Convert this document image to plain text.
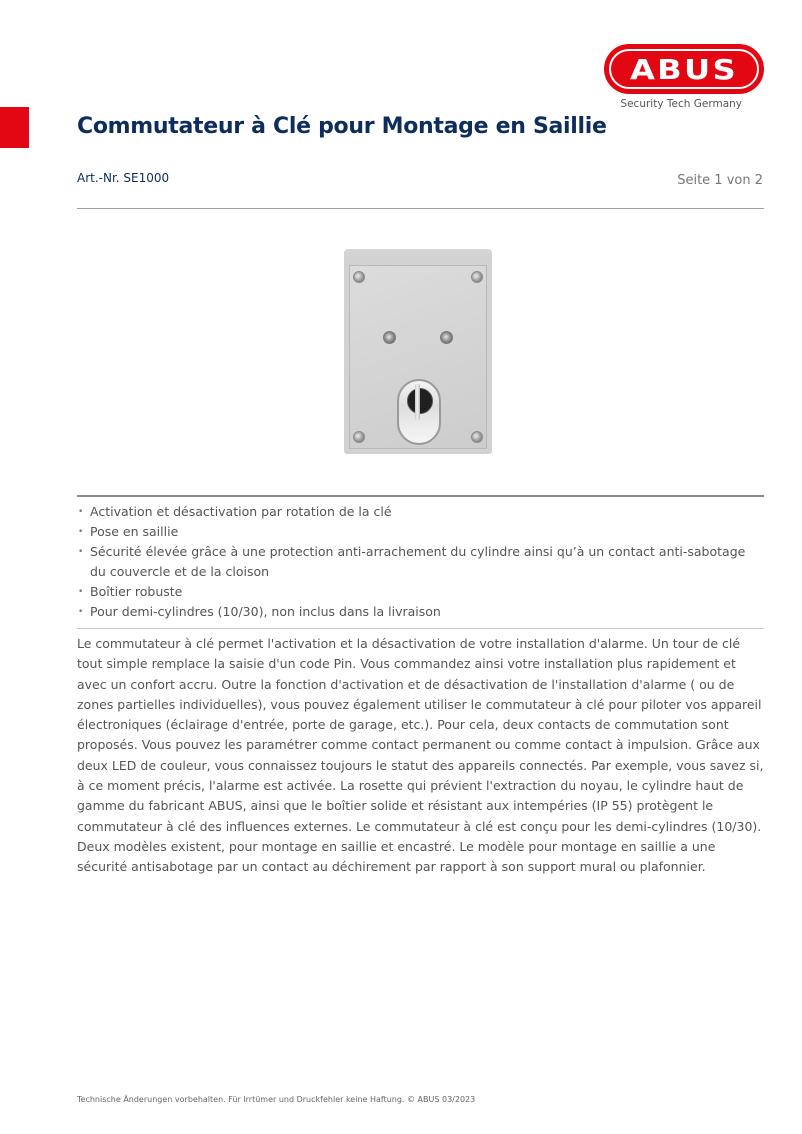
ABUS
Security Tech Germany
Commutateur à Clé pour Montage en Saillie
Art.-Nr. SE1000	Seite 1 von 2
• Activation et désactivation par rotation de la clé
• Pose en saillie
• Sécurité élevée grâce à une protection anti-arrachement du cylindre ainsi qu’à un contact anti-sabotage du couvercle et de la cloison
• Boîtier robuste
• Pour demi-cylindres (10/30), non inclus dans la livraison

Le commutateur à clé permet l'activation et la désactivation de votre installation d'alarme. Un tour de clé tout simple remplace la saisie d'un code Pin. Vous commandez ainsi votre installation plus rapidement et avec un confort accru. Outre la fonction d'activation et de désactivation de l'installation d'alarme ( ou de zones partielles individuelles), vous pouvez également utiliser le commutateur à clé pour piloter vos appareil électroniques (éclairage d'entrée, porte de garage, etc.). Pour cela, deux contacts de commutation sont proposés. Vous pouvez les paramétrer comme contact permanent ou comme contact à impulsion. Grâce aux deux LED de couleur, vous connaissez toujours le statut des appareils connectés. Par exemple, vous savez si, à ce moment précis, l'alarme est activée. La rosette qui prévient l'extraction du noyau, le cylindre haut de gamme du fabricant ABUS, ainsi que le boîtier solide et résistant aux intempéries (IP 55) protègent le commutateur à clé des influences externes. Le commutateur à clé est conçu pour les demi-cylindres (10/30). Deux modèles existent, pour montage en saillie et encastré. Le modèle pour montage en saillie a une sécurité antisabotage par un contact au déchirement par rapport à son support mural ou plafonnier.

Technische Änderungen vorbehalten. Für Irrtümer und Druckfehler keine Haftung. © ABUS 03/2023
